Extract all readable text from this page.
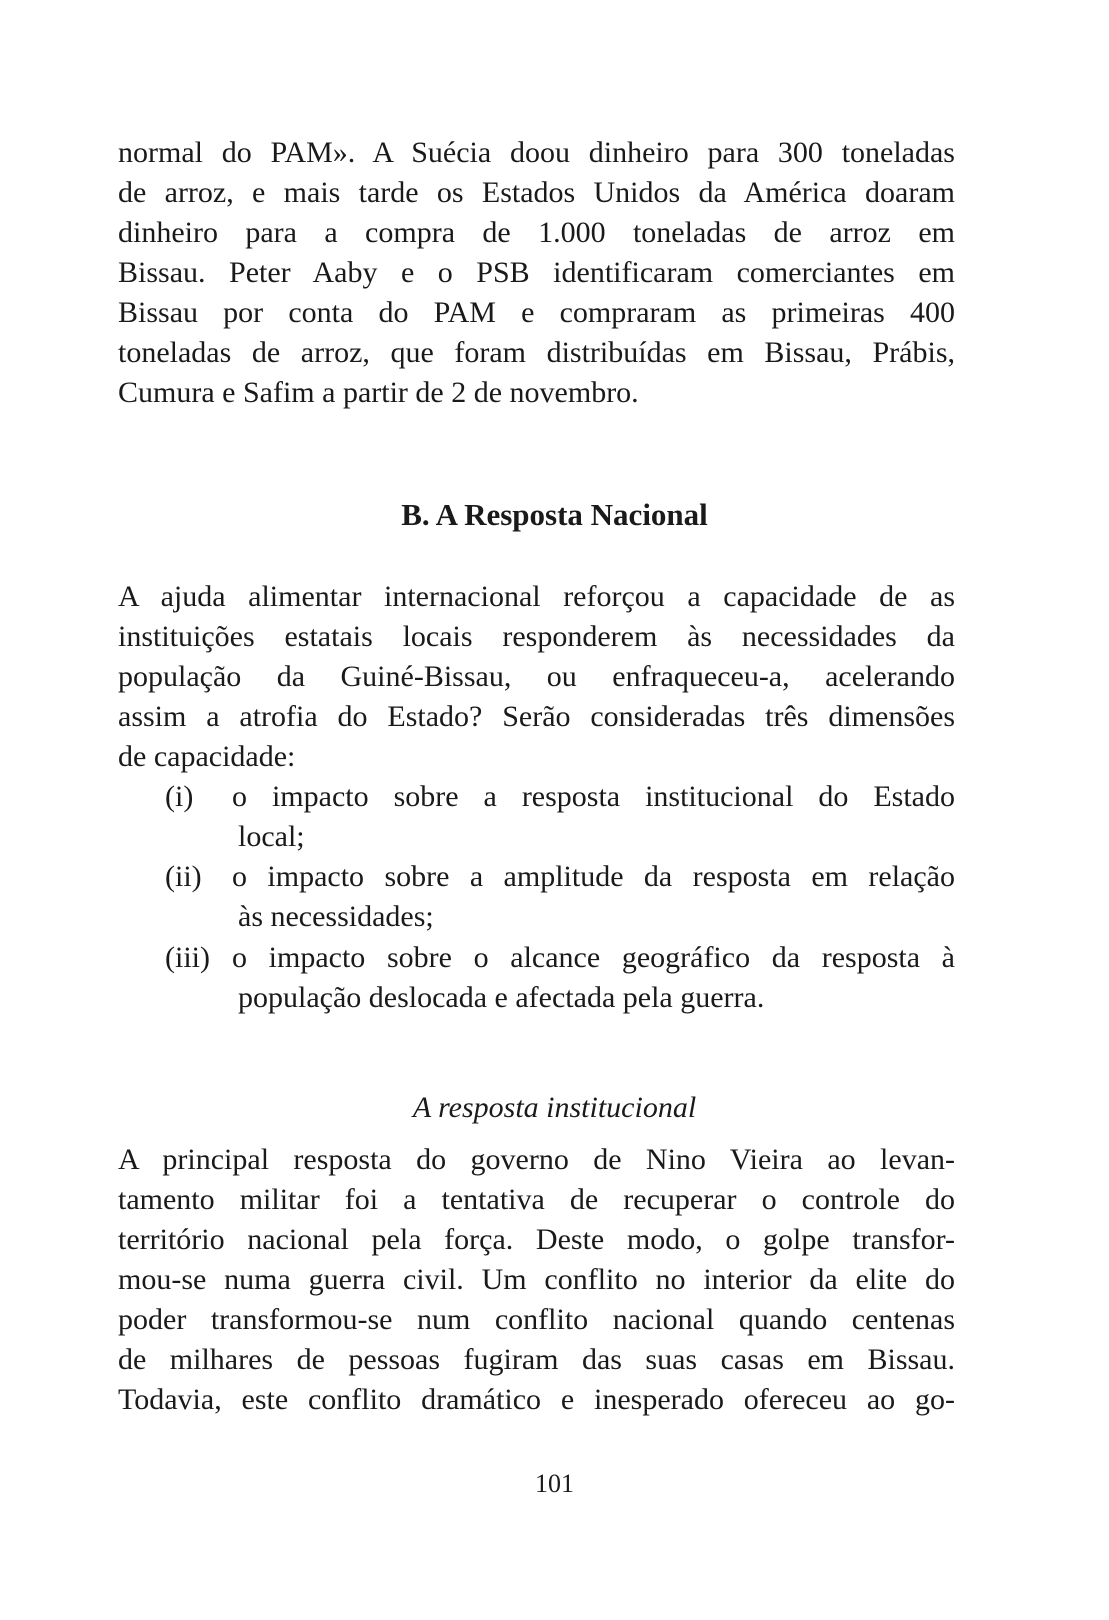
normal do PAM». A Suécia doou dinheiro para 300 toneladas
de arroz, e mais tarde os Estados Unidos da América doaram
dinheiro para a compra de 1.000 toneladas de arroz em
Bissau. Peter Aaby e o PSB identificaram comerciantes em
Bissau por conta do PAM e compraram as primeiras 400
toneladas de arroz, que foram distribuídas em Bissau, Prábis,
Cumura e Safim a partir de 2 de novembro.
B. A Resposta Nacional
A ajuda alimentar internacional reforçou a capacidade de as
instituições estatais locais responderem às necessidades da
população da Guiné-Bissau, ou enfraqueceu-a, acelerando
assim a atrofia do Estado? Serão consideradas três dimensões
de capacidade:
(i) o impacto sobre a resposta institucional do Estado
local;
(ii) o impacto sobre a amplitude da resposta em relação
às necessidades;
(iii) o impacto sobre o alcance geográfico da resposta à
população deslocada e afectada pela guerra.
A resposta institucional
A principal resposta do governo de Nino Vieira ao levan-
tamento militar foi a tentativa de recuperar o controle do
território nacional pela força. Deste modo, o golpe transfor-
mou-se numa guerra civil. Um conflito no interior da elite do
poder transformou-se num conflito nacional quando centenas
de milhares de pessoas fugiram das suas casas em Bissau.
Todavia, este conflito dramático e inesperado ofereceu ao go-
101
